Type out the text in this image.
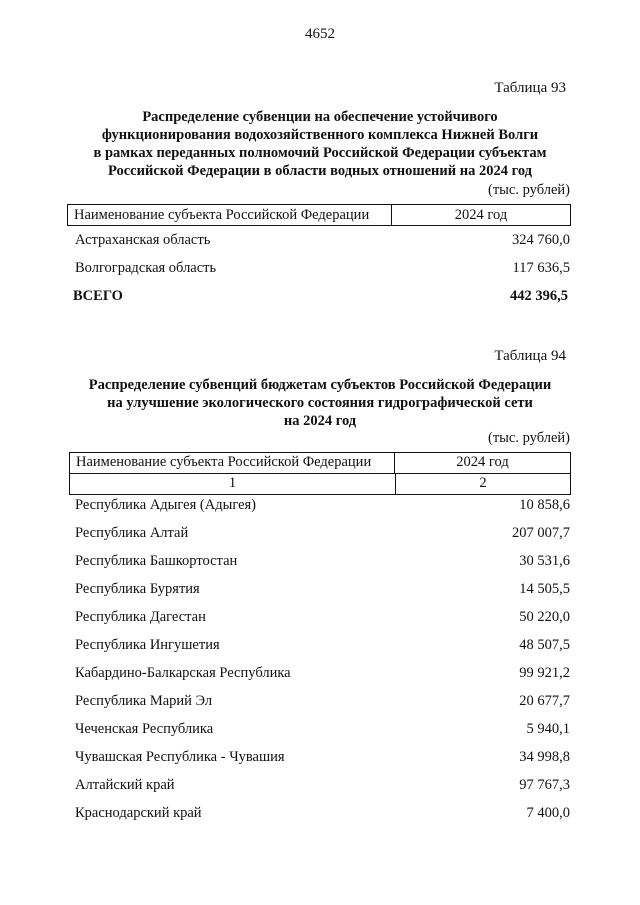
4652
Таблица 93
Распределение субвенции на обеспечение устойчивого
функционирования водохозяйственного комплекса Нижней Волги
в рамках переданных полномочий Российской Федерации субъектам
Российской Федерации в области водных отношений на 2024 год
(тыс. рублей)
Наименование субъекта Российской Федерации	2024 год
Астраханская область	324 760,0
Волгоградская область	117 636,5
ВСЕГО	442 396,5
Таблица 94
Распределение субвенций бюджетам субъектов Российской Федерации
на улучшение экологического состояния гидрографической сети
на 2024 год
(тыс. рублей)
Наименование субъекта Российской Федерации	2024 год
1	2
Республика Адыгея (Адыгея)	10 858,6
Республика Алтай	207 007,7
Республика Башкортостан	30 531,6
Республика Бурятия	14 505,5
Республика Дагестан	50 220,0
Республика Ингушетия	48 507,5
Кабардино-Балкарская Республика	99 921,2
Республика Марий Эл	20 677,7
Чеченская Республика	5 940,1
Чувашская Республика - Чувашия	34 998,8
Алтайский край	97 767,3
Краснодарский край	7 400,0
